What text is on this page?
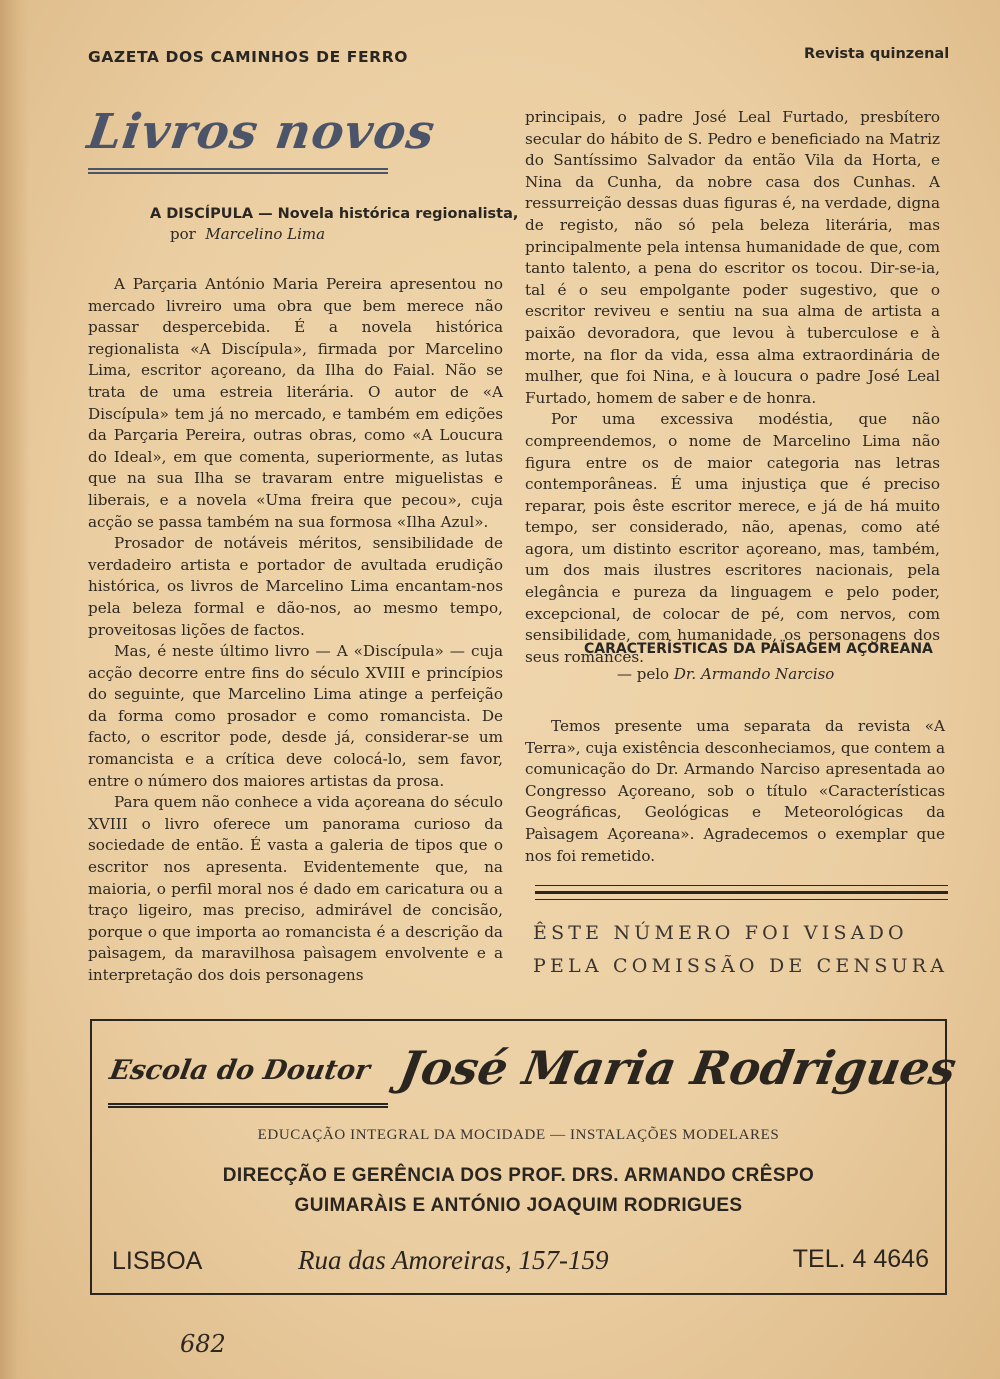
GAZETA DOS CAMINHOS DE FERRO	Revista quinzenal
Livros novos
A DISCÍPULA — Novela histórica regionalista,
por Marcelino Lima

A Parçaria António Maria Pereira apresentou no mercado livreiro uma obra que bem merece não passar despercebida. É a novela histórica regionalista «A Discípula», firmada por Marcelino Lima, escritor açoreano, da Ilha do Faial. Não se trata de uma estreia literária. O autor de «A Discípula» tem já no mercado, e também em edições da Parçaria Pereira, outras obras, como «A Loucura do Ideal», em que comenta, superiormente, as lutas que na sua Ilha se travaram entre miguelistas e liberais, e a novela «Uma freira que pecou», cuja acção se passa também na sua formosa «Ilha Azul».

Prosador de notáveis méritos, sensibilidade de verdadeiro artista e portador de avultada erudição histórica, os livros de Marcelino Lima encantam-nos pela beleza formal e dão-nos, ao mesmo tempo, proveitosas lições de factos.

Mas, é neste último livro — A «Discípula» — cuja acção decorre entre fins do século XVIII e princípios do seguinte, que Marcelino Lima atinge a perfeição da forma como prosador e como romancista. De facto, o escritor pode, desde já, considerar-se um romancista e a crítica deve colocá-lo, sem favor, entre o número dos maiores artistas da prosa.

Para quem não conhece a vida açoreana do século XVIII o livro oferece um panorama curioso da sociedade de então. É vasta a galeria de tipos que o escritor nos apresenta. Evidentemente que, na maioria, o perfil moral nos é dado em caricatura ou a traço ligeiro, mas preciso, admirável de concisão, porque o que importa ao romancista é a descrição da paìsagem, da maravilhosa paìsagem envolvente e a interpretação dos dois personagens

principais, o padre José Leal Furtado, presbítero secular do hábito de S. Pedro e beneficiado na Matriz do Santíssimo Salvador da então Vila da Horta, e Nina da Cunha, da nobre casa dos Cunhas. A ressurreição dessas duas figuras é, na verdade, digna de registo, não só pela beleza literária, mas principalmente pela intensa humanidade de que, com tanto talento, a pena do escritor os tocou. Dir-se-ia, tal é o seu empolgante poder sugestivo, que o escritor reviveu e sentiu na sua alma de artista a paixão devoradora, que levou à tuberculose e à morte, na flor da vida, essa alma extraordinária de mulher, que foi Nina, e à loucura o padre José Leal Furtado, homem de saber e de honra.

Por uma excessiva modéstia, que não compreendemos, o nome de Marcelino Lima não figura entre os de maior categoria nas letras contemporâneas. É uma injustiça que é preciso reparar, pois êste escritor merece, e já de há muito tempo, ser considerado, não, apenas, como até agora, um distinto escritor açoreano, mas, também, um dos mais ilustres escritores nacionais, pela elegância e pureza da linguagem e pelo poder, excepcional, de colocar de pé, com nervos, com sensibilidade, com humanidade, os personagens dos seus romances.

CARACTERÍSTICAS DA PAÏSAGEM AÇOREANA
— pelo Dr. Armando Narciso

Temos presente uma separata da revista «A Terra», cuja existência desconheciamos, que contem a comunicação do Dr. Armando Narciso apresentada ao Congresso Açoreano, sob o título «Características Geográficas, Geológicas e Meteorológicas da Paìsagem Açoreana». Agradecemos o exemplar que nos foi remetido.

ÊSTE NÚMERO FOI VISADO
PELA COMISSÃO DE CENSURA
Escola do Doutor José Maria Rodrigues
EDUCAÇÃO INTEGRAL DA MOCIDADE — INSTALAÇÕES MODELARES
DIRECÇÃO E GERÊNCIA DOS PROF. DRS. ARMANDO CRÊSPO
GUIMARÀIS E ANTÓNIO JOAQUIM RODRIGUES
LISBOA	Rua das Amoreiras, 157-159	TEL. 4 4646
682
